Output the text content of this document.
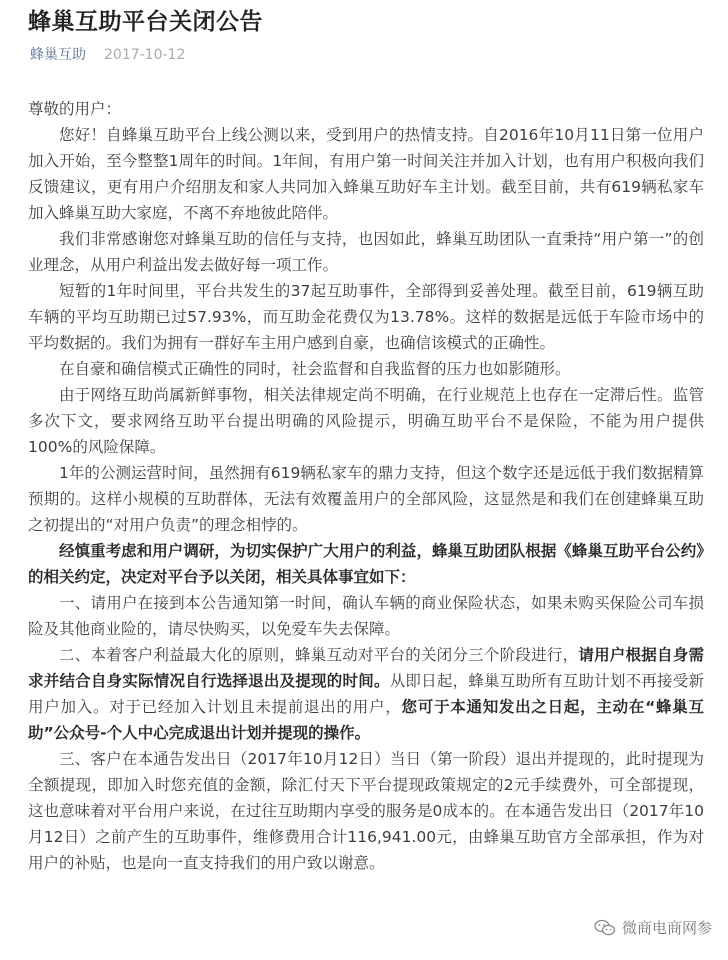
蜂巢互助平台关闭公告
蜂巢互助 2017-10-12

尊敬的用户：

您好！自蜂巢互助平台上线公测以来，受到用户的热情支持。自2016年10月11日第一位用户加入开始，至今整整1周年的时间。1年间，有用户第一时间关注并加入计划，也有用户积极向我们反馈建议，更有用户介绍朋友和家人共同加入蜂巢互助好车主计划。截至目前，共有619辆私家车加入蜂巢互助大家庭，不离不弃地彼此陪伴。

我们非常感谢您对蜂巢互助的信任与支持，也因如此，蜂巢互助团队一直秉持“用户第一”的创业理念，从用户利益出发去做好每一项工作。

短暂的1年时间里，平台共发生的37起互助事件，全部得到妥善处理。截至目前，619辆互助车辆的平均互助期已过57.93%，而互助金花费仅为13.78%。这样的数据是远低于车险市场中的平均数据的。我们为拥有一群好车主用户感到自豪，也确信该模式的正确性。

在自豪和确信模式正确性的同时，社会监督和自我监督的压力也如影随形。

由于网络互助尚属新鲜事物，相关法律规定尚不明确，在行业规范上也存在一定滞后性。监管多次下文，要求网络互助平台提出明确的风险提示，明确互助平台不是保险，不能为用户提供100%的风险保障。

1年的公测运营时间，虽然拥有619辆私家车的鼎力支持，但这个数字还是远低于我们数据精算预期的。这样小规模的互助群体，无法有效覆盖用户的全部风险，这显然是和我们在创建蜂巢互助之初提出的“对用户负责”的理念相悖的。

经慎重考虑和用户调研，为切实保护广大用户的利益，蜂巢互助团队根据《蜂巢互助平台公约》的相关约定，决定对平台予以关闭，相关具体事宜如下：

一、请用户在接到本公告通知第一时间，确认车辆的商业保险状态，如果未购买保险公司车损险及其他商业险的，请尽快购买，以免爱车失去保障。

二、本着客户利益最大化的原则，蜂巢互动对平台的关闭分三个阶段进行，请用户根据自身需求并结合自身实际情况自行选择退出及提现的时间。从即日起，蜂巢互助所有互助计划不再接受新用户加入。对于已经加入计划且未提前退出的用户，您可于本通知发出之日起，主动在“蜂巢互助”公众号-个人中心完成退出计划并提现的操作。

三、客户在本通告发出日（2017年10月12日）当日（第一阶段）退出并提现的，此时提现为全额提现，即加入时您充值的金额，除汇付天下平台提现政策规定的2元手续费外，可全部提现，这也意味着对平台用户来说，在过往互助期内享受的服务是0成本的。在本通告发出日（2017年10月12日）之前产生的互助事件，维修费用合计116,941.00元，由蜂巢互助官方全部承担，作为对用户的补贴，也是向一直支持我们的用户致以谢意。

微商电商网参
